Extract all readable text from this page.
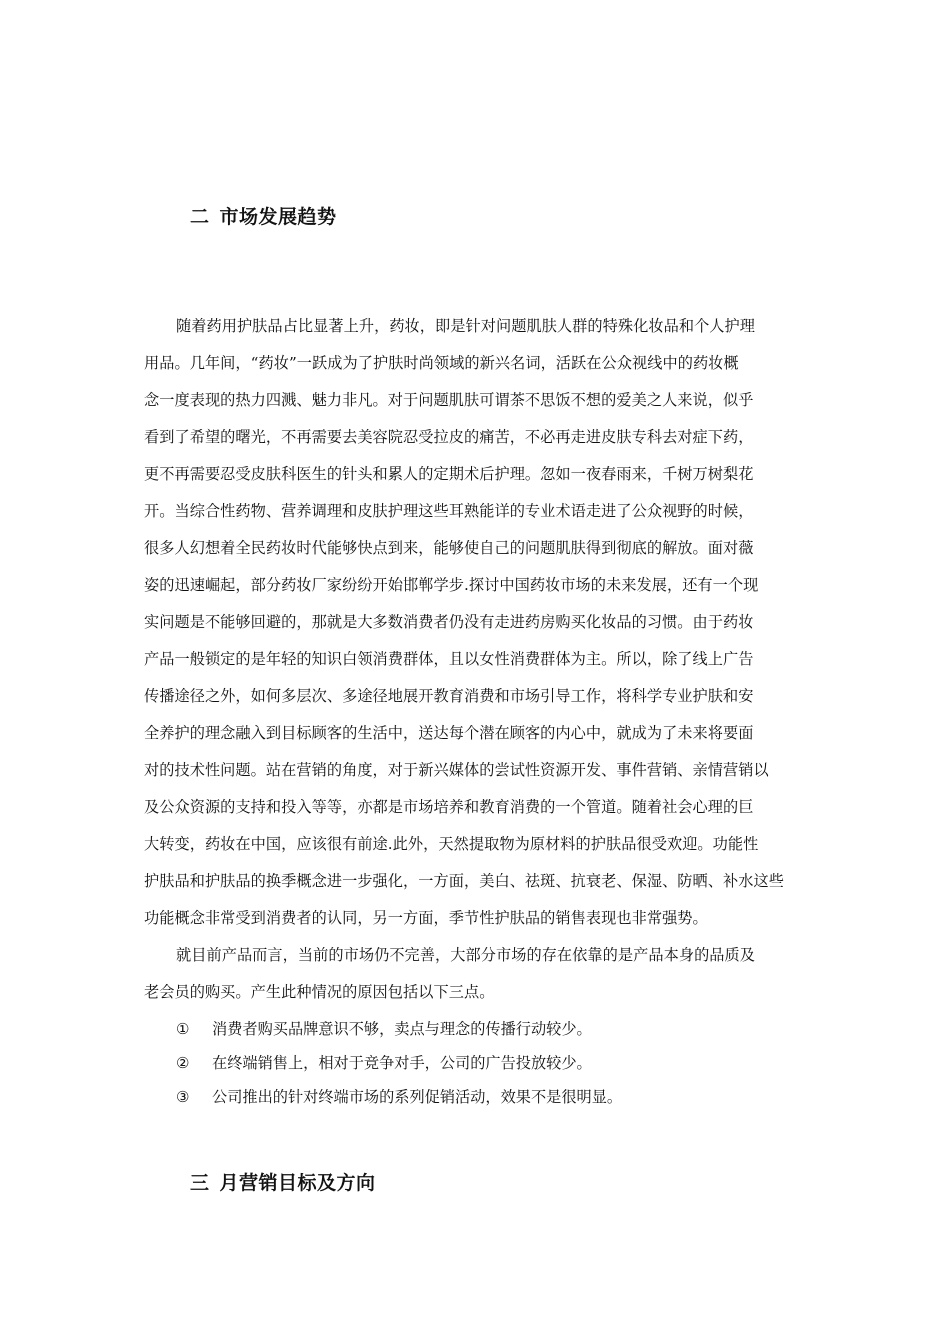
二 市场发展趋势
随着药用护肤品占比显著上升，药妆，即是针对问题肌肤人群的特殊化妆品和个人护理
用品。几年间，“药妆”一跃成为了护肤时尚领域的新兴名词，活跃在公众视线中的药妆概
念一度表现的热力四溅、魅力非凡。对于问题肌肤可谓茶不思饭不想的爱美之人来说，似乎
看到了希望的曙光，不再需要去美容院忍受拉皮的痛苦，不必再走进皮肤专科去对症下药，
更不再需要忍受皮肤科医生的针头和累人的定期术后护理。忽如一夜春雨来，千树万树梨花
开。当综合性药物、营养调理和皮肤护理这些耳熟能详的专业术语走进了公众视野的时候，
很多人幻想着全民药妆时代能够快点到来，能够使自己的问题肌肤得到彻底的解放。面对薇
姿的迅速崛起，部分药妆厂家纷纷开始邯郸学步.探讨中国药妆市场的未来发展，还有一个现
实问题是不能够回避的，那就是大多数消费者仍没有走进药房购买化妆品的习惯。由于药妆
产品一般锁定的是年轻的知识白领消费群体，且以女性消费群体为主。所以，除了线上广告
传播途径之外，如何多层次、多途径地展开教育消费和市场引导工作，将科学专业护肤和安
全养护的理念融入到目标顾客的生活中，送达每个潜在顾客的内心中，就成为了未来将要面
对的技术性问题。站在营销的角度，对于新兴媒体的尝试性资源开发、事件营销、亲情营销以
及公众资源的支持和投入等等，亦都是市场培养和教育消费的一个管道。随着社会心理的巨
大转变，药妆在中国，应该很有前途.此外，天然提取物为原材料的护肤品很受欢迎。功能性
护肤品和护肤品的换季概念进一步强化，一方面，美白、祛斑、抗衰老、保湿、防晒、补水这些
功能概念非常受到消费者的认同，另一方面，季节性护肤品的销售表现也非常强势。
就目前产品而言，当前的市场仍不完善，大部分市场的存在依靠的是产品本身的品质及
老会员的购买。产生此种情况的原因包括以下三点。
① 消费者购买品牌意识不够，卖点与理念的传播行动较少。
② 在终端销售上，相对于竞争对手，公司的广告投放较少。
③ 公司推出的针对终端市场的系列促销活动，效果不是很明显。
三 月营销目标及方向
